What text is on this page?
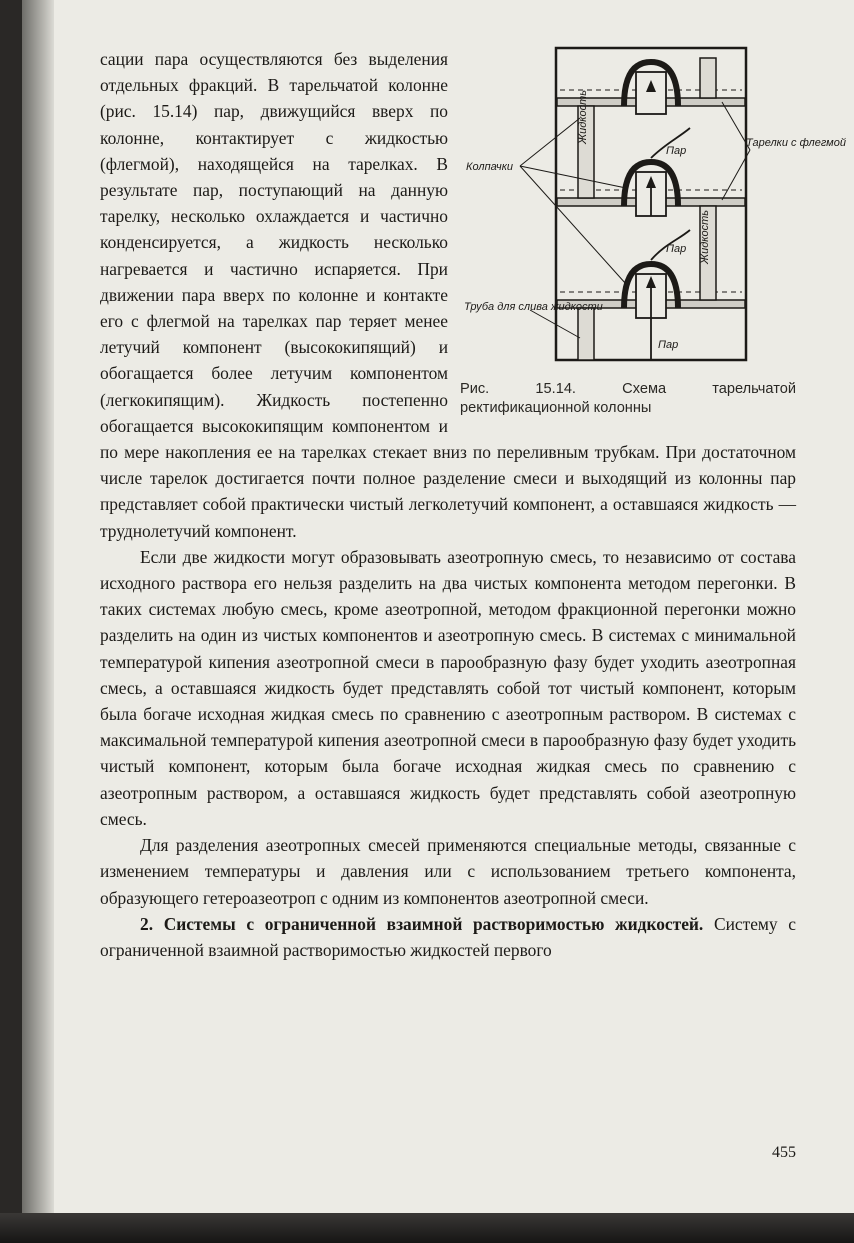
Колпачки
Тарелки с флегмой
Пар
Пар
Пар
Труба для слива жидкости
Жидкость
Жидкость
Рис. 15.14. Схема тарельчатой ректификационной колонны

сации пара осуществляются без выделения отдельных фракций. В тарельчатой колонне (рис. 15.14) пар, движущийся вверх по колонне, контактирует с жидкостью (флегмой), находящейся на тарелках. В результате пар, поступающий на данную тарелку, несколько охлаждается и частично конденсируется, а жидкость несколько нагревается и частично испаряется. При движении пара вверх по колонне и контакте его с флегмой на тарелках пар теряет менее летучий компонент (высококипящий) и обогащается более летучим компонентом (легкокипящим). Жидкость постепенно обогащается высококипящим компонентом и по мере накопления ее на тарелках стекает вниз по переливным трубкам. При достаточном числе тарелок достигается почти полное разделение смеси и выходящий из колонны пар представляет собой практически чистый легколетучий компонент, а оставшаяся жидкость — труднолетучий компонент.

Если две жидкости могут образовывать азеотропную смесь, то независимо от состава исходного раствора его нельзя разделить на два чистых компонента методом перегонки. В таких системах любую смесь, кроме азеотропной, методом фракционной перегонки можно разделить на один из чистых компонентов и азеотропную смесь. В системах с минимальной температурой кипения азеотропной смеси в парообразную фазу будет уходить азеотропная смесь, а оставшаяся жидкость будет представлять собой тот чистый компонент, которым была богаче исходная жидкая смесь по сравнению с азеотропным раствором. В системах с максимальной температурой кипения азеотропной смеси в парообразную фазу будет уходить чистый компонент, которым была богаче исходная жидкая смесь по сравнению с азеотропным раствором, а оставшаяся жидкость будет представлять собой азеотропную смесь.

Для разделения азеотропных смесей применяются специальные методы, связанные с изменением температуры и давления или с использованием третьего компонента, образующего гетероазеотроп с одним из компонентов азеотропной смеси.

2. Системы с ограниченной взаимной растворимостью жидкостей. Систему с ограниченной взаимной растворимостью жидкостей первого

455
